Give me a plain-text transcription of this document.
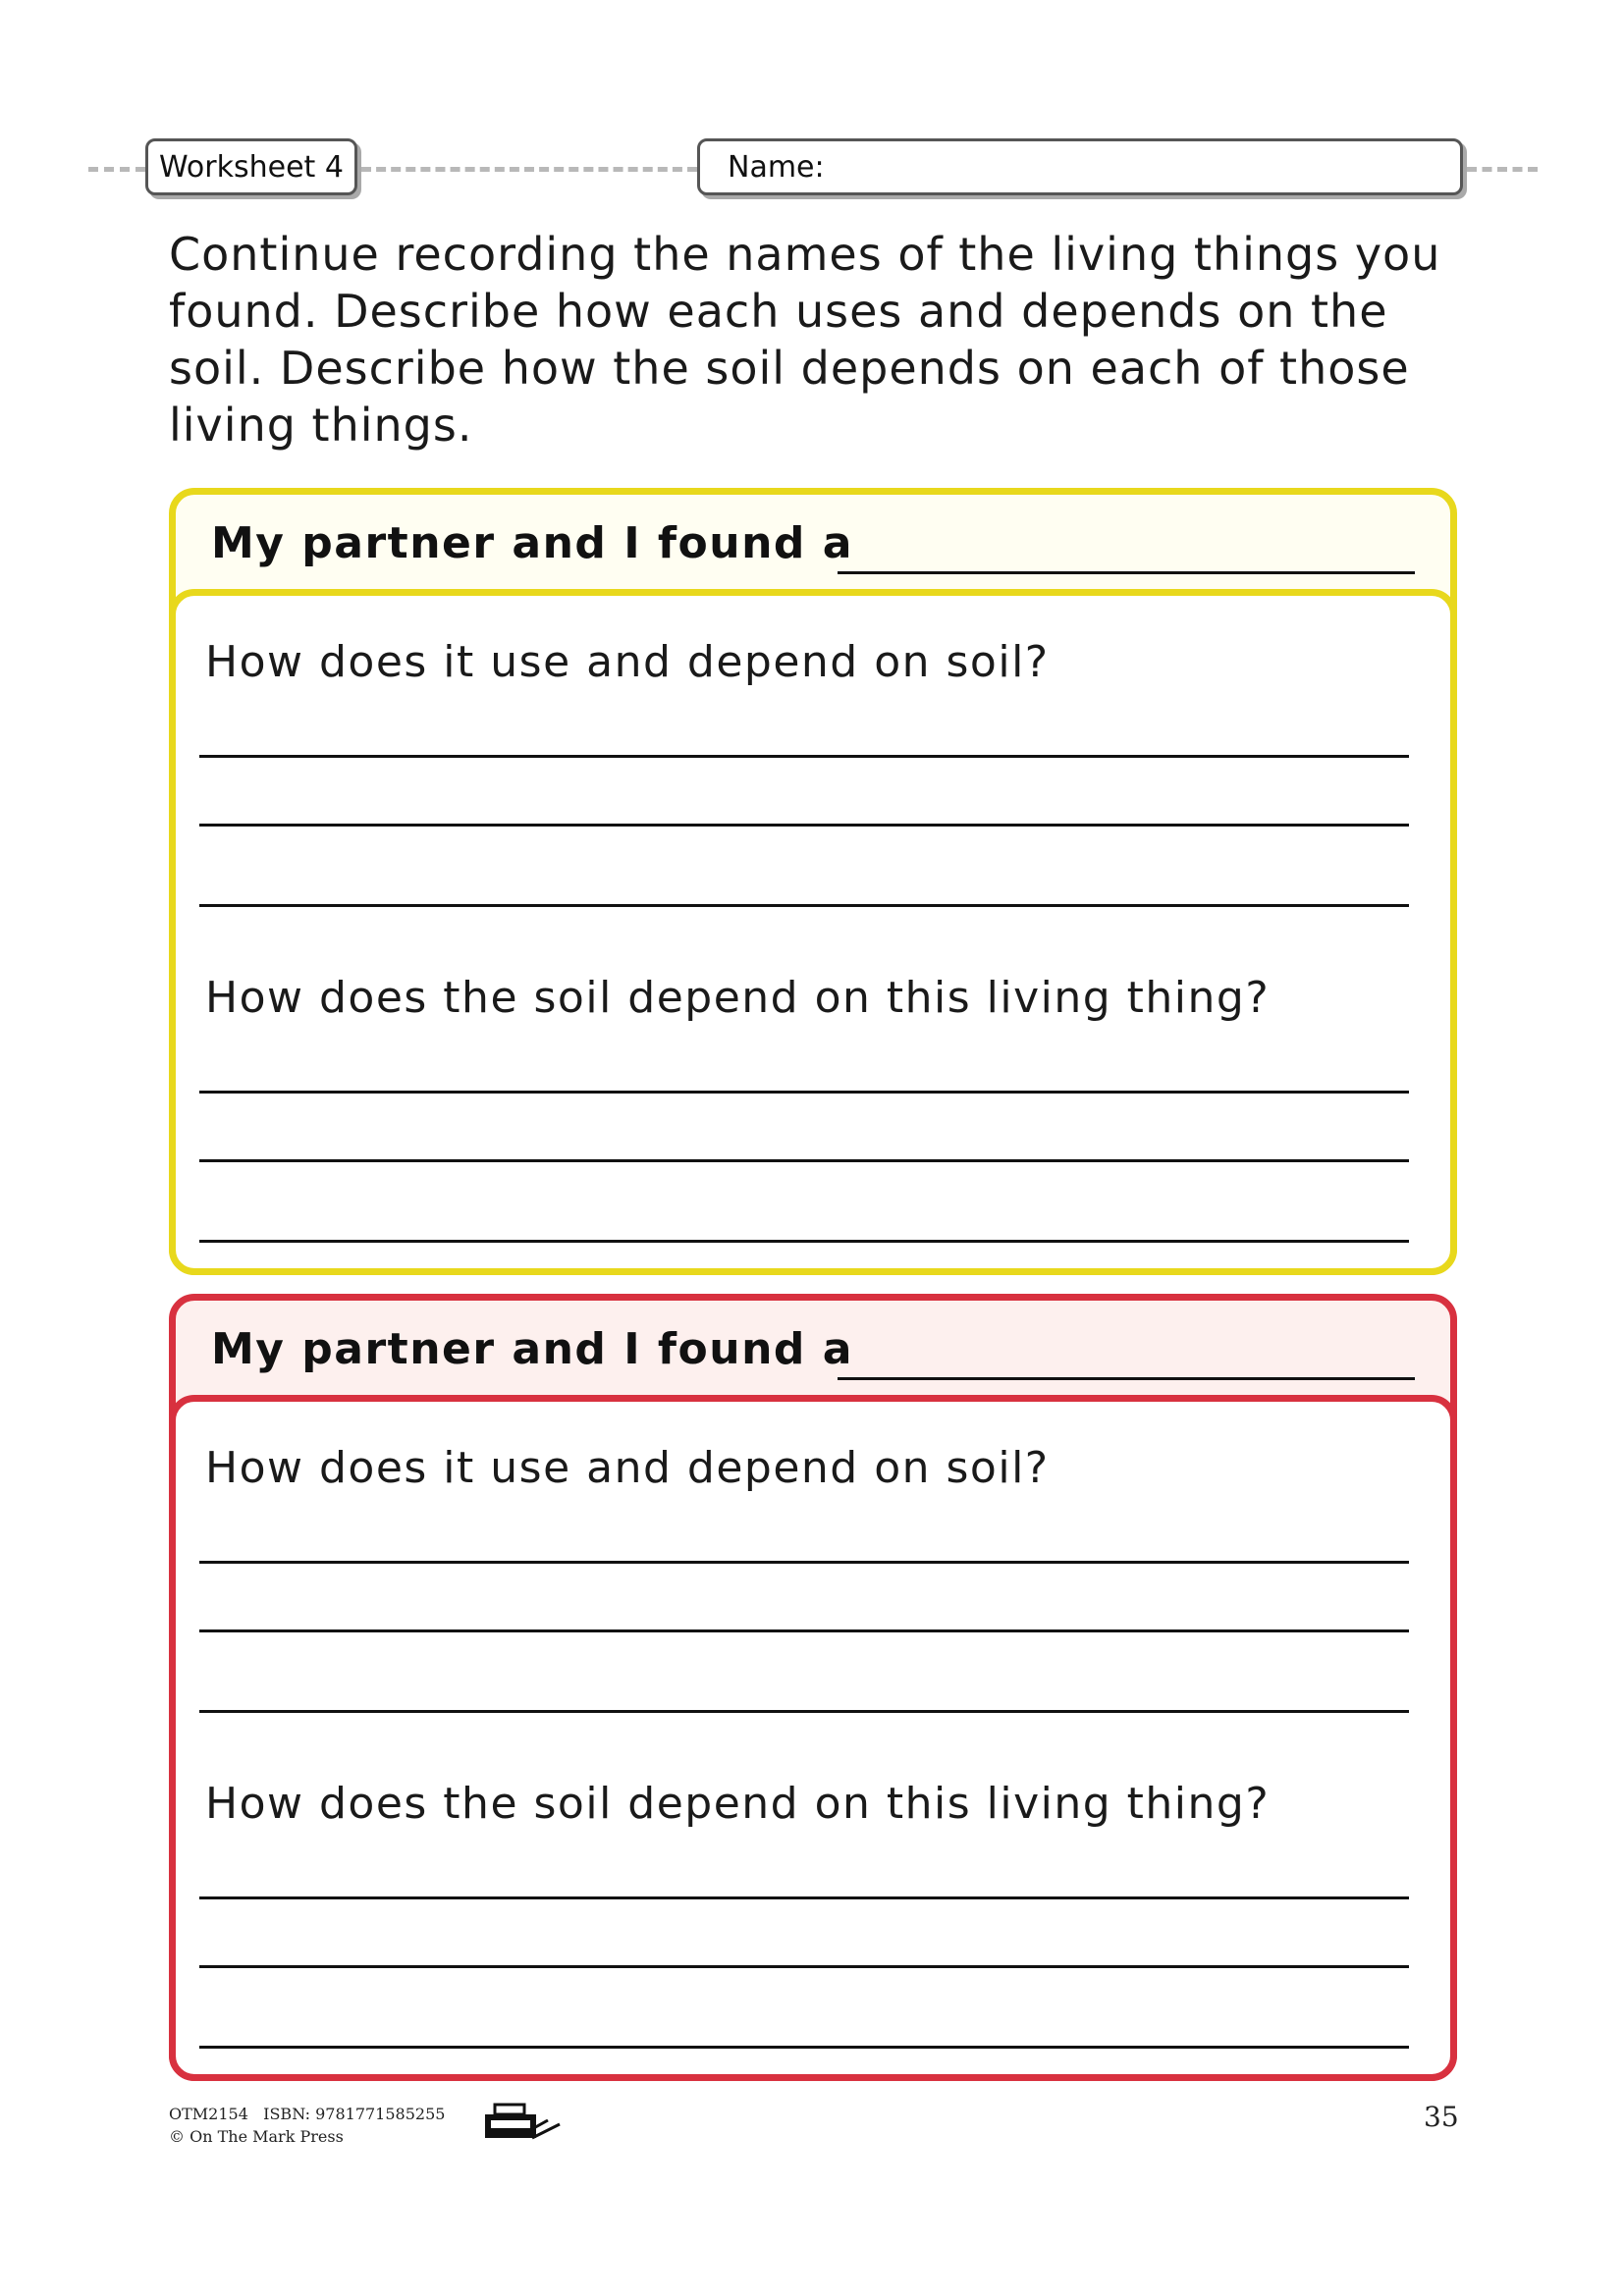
Worksheet 4	Name:

Continue recording the names of the living things you found. Describe how each uses and depends on the soil. Describe how the soil depends on each of those living things.

My partner and I found a
How does it use and depend on soil?
How does the soil depend on this living thing?
My partner and I found a
How does it use and depend on soil?
How does the soil depend on this living thing?
OTM2154   ISBN: 9781771585255
© On The Mark Press
35
